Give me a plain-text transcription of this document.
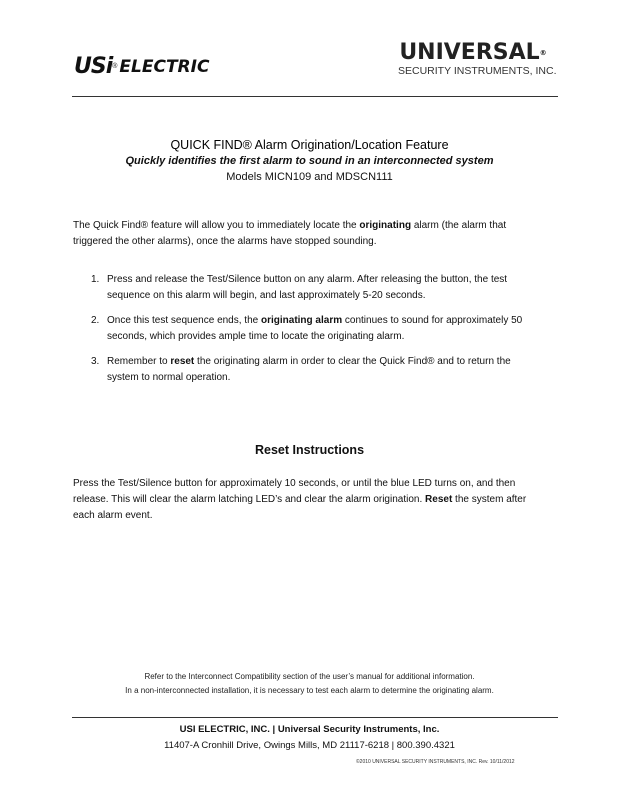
USi ® ELECTRIC
UNIVERSAL®
SECURITY INSTRUMENTS, INC.
QUICK FIND® Alarm Origination/Location Feature
Quickly identifies the first alarm to sound in an interconnected system
Models MICN109 and MDSCN111
The Quick Find® feature will allow you to immediately locate the originating alarm (the alarm that triggered the other alarms), once the alarms have stopped sounding.
1. Press and release the Test/Silence button on any alarm. After releasing the button, the test sequence on this alarm will begin, and last approximately 5-20 seconds.
2. Once this test sequence ends, the originating alarm continues to sound for approximately 50 seconds, which provides ample time to locate the originating alarm.
3. Remember to reset the originating alarm in order to clear the Quick Find® and to return the system to normal operation.
Reset Instructions
Press the Test/Silence button for approximately 10 seconds, or until the blue LED turns on, and then release. This will clear the alarm latching LED’s and clear the alarm origination. Reset the system after each alarm event.
Refer to the Interconnect Compatibility section of the user’s manual for additional information.
In a non-interconnected installation, it is necessary to test each alarm to determine the originating alarm.
USI ELECTRIC, INC. | Universal Security Instruments, Inc.
11407-A Cronhill Drive, Owings Mills, MD 21117-6218 | 800.390.4321
©2010 UNIVERSAL SECURITY INSTRUMENTS, INC. Rev. 10/11/2012
